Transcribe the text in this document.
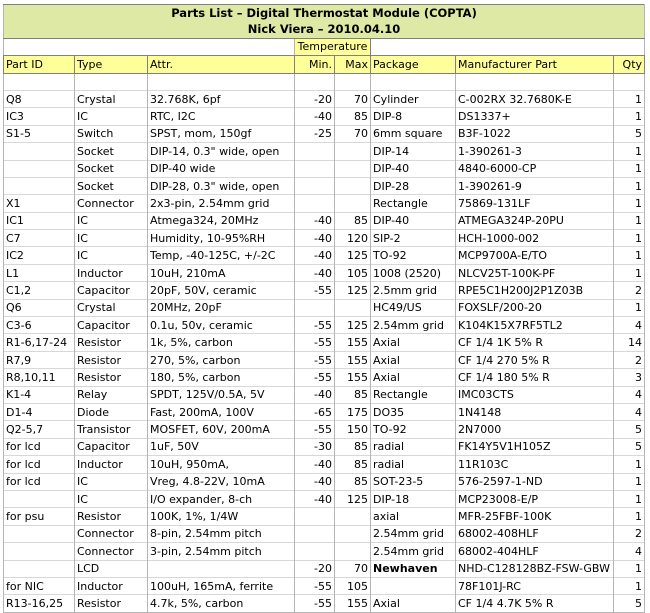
Parts List – Digital Thermostat Module (COPTA)							
Nick Viera – 2010.04.10							
			Temperature				
Part ID	Type	Attr.	Min.	Max	Package	Manufacturer Part	Qty

Q8	Crystal	32.768K, 6pf	-20	70	Cylinder	C-002RX 32.7680K-E	1
IC3	IC	RTC, I2C	-40	85	DIP-8	DS1337+	1
S1-5	Switch	SPST, mom, 150gf	-25	70	6mm square	B3F-1022	5
	Socket	DIP-14, 0.3" wide, open			DIP-14	1-390261-3	1
	Socket	DIP-40 wide			DIP-40	4840-6000-CP	1
	Socket	DIP-28, 0.3" wide, open			DIP-28	1-390261-9	1
X1	Connector	2x3-pin, 2.54mm grid			Rectangle	75869-131LF	1
IC1	IC	Atmega324, 20MHz	-40	85	DIP-40	ATMEGA324P-20PU	1
C7	IC	Humidity, 10-95%RH	-40	120	SIP-2	HCH-1000-002	1
IC2	IC	Temp, -40-125C, +/-2C	-40	125	TO-92	MCP9700A-E/TO	1
L1	Inductor	10uH, 210mA	-40	105	1008 (2520)	NLCV25T-100K-PF	1
C1,2	Capacitor	20pF, 50V, ceramic	-55	125	2.5mm grid	RPE5C1H200J2P1Z03B	2
Q6	Crystal	20MHz, 20pF			HC49/US	FOXSLF/200-20	1
C3-6	Capacitor	0.1u, 50v, ceramic	-55	125	2.54mm grid	K104K15X7RF5TL2	4
R1-6,17-24	Resistor	1k, 5%, carbon	-55	155	Axial	CF 1/4 1K 5% R	14
R7,9	Resistor	270, 5%, carbon	-55	155	Axial	CF 1/4 270 5% R	2
R8,10,11	Resistor	180, 5%, carbon	-55	155	Axial	CF 1/4 180 5% R	3
K1-4	Relay	SPDT, 125V/0.5A, 5V	-40	85	Rectangle	IMC03CTS	4
D1-4	Diode	Fast, 200mA, 100V	-65	175	DO35	1N4148	4
Q2-5,7	Transistor	MOSFET, 60V, 200mA	-55	150	TO-92	2N7000	5
for lcd	Capacitor	1uF, 50V	-30	85	radial	FK14Y5V1H105Z	5
for lcd	Inductor	10uH, 950mA,	-40	85	radial	11R103C	1
for lcd	IC	Vreg, 4.8-22V, 10mA	-40	85	SOT-23-5	576-2597-1-ND	1
	IC	I/O expander, 8-ch	-40	125	DIP-18	MCP23008-E/P	1
for psu	Resistor	100K, 1%, 1/4W			axial	MFR-25FBF-100K	1
	Connector	8-pin, 2.54mm pitch			2.54mm grid	68002-408HLF	2
	Connector	3-pin, 2.54mm pitch			2.54mm grid	68002-404HLF	4
	LCD		-20	70	Newhaven	NHD-C128128BZ-FSW-GBW	1
for NIC	Inductor	100uH, 165mA, ferrite	-55	105		78F101J-RC	1
R13-16,25	Resistor	4.7k, 5%, carbon	-55	155	Axial	CF 1/4 4.7K 5% R	5
